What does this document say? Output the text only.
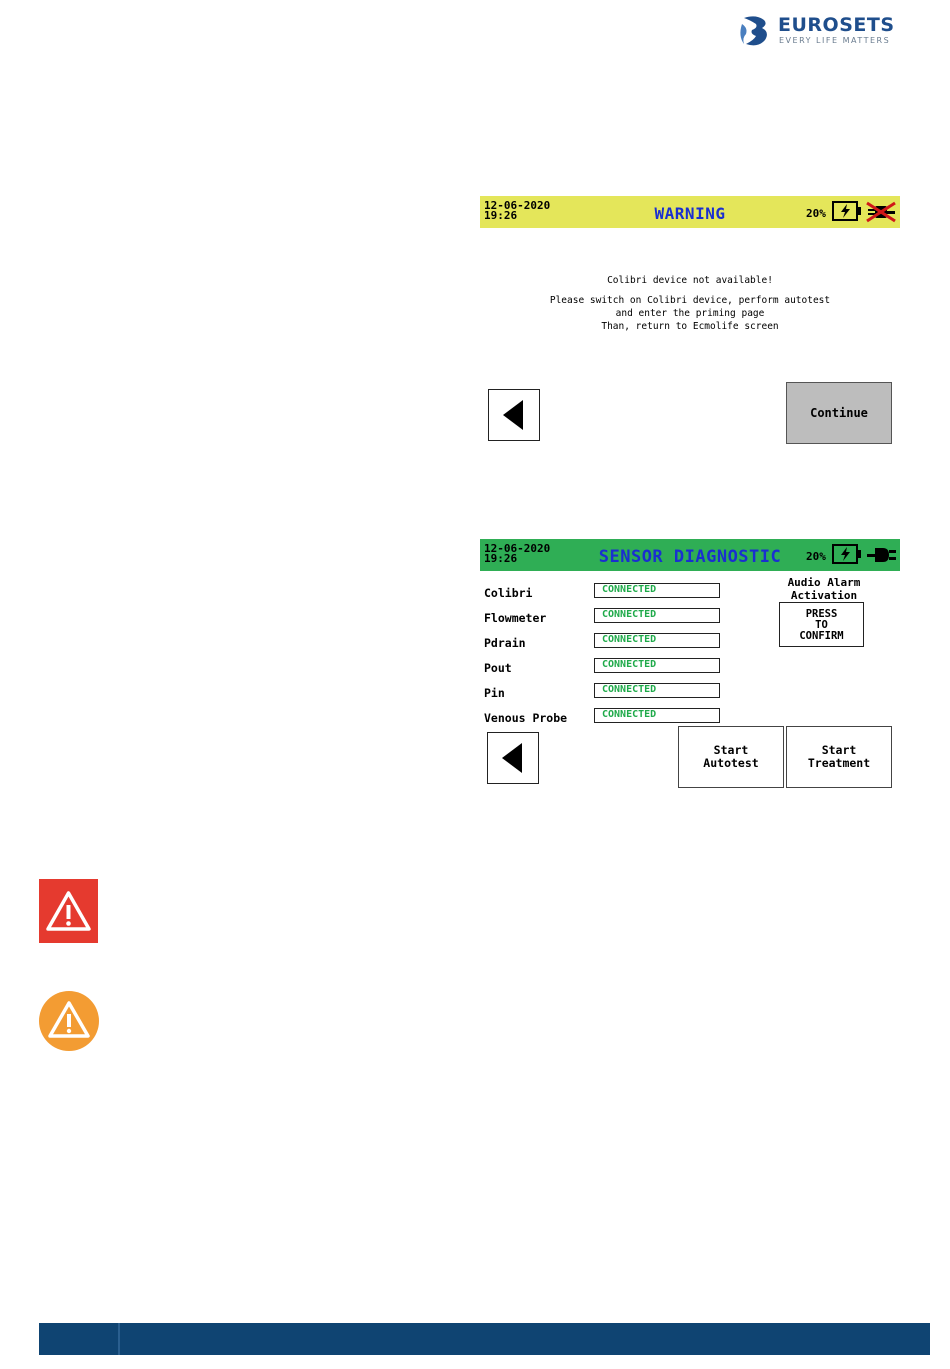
EUROSETS
EVERY LIFE MATTERS
12-06-2020
19:26	WARNING	20%
Colibri device not available!
Please switch on Colibri device, perform autotest
and enter the priming page
Than, return to Ecmolife screen
Continue
12-06-2020
19:26	SENSOR DIAGNOSTIC	20%
Colibri	CONNECTED
Flowmeter	CONNECTED
Pdrain	CONNECTED
Pout	CONNECTED
Pin	CONNECTED
Venous Probe	CONNECTED
Audio Alarm
Activation
PRESS
TO
CONFIRM
Start
Autotest
Start
Treatment
